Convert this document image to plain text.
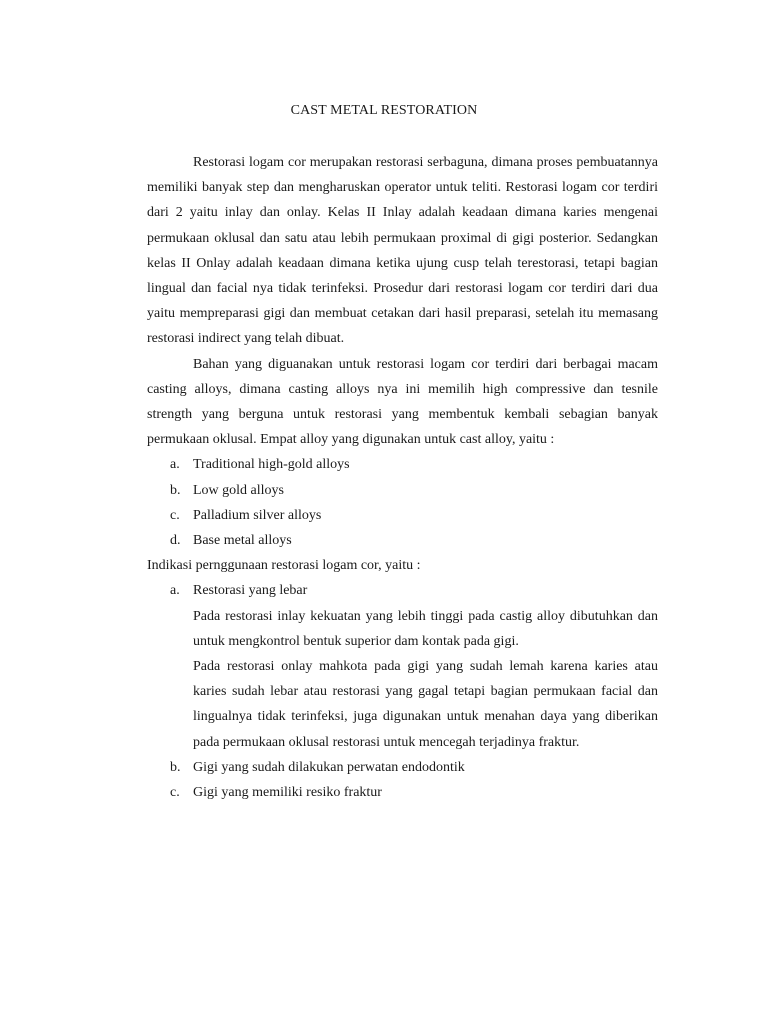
CAST METAL RESTORATION

Restorasi logam cor merupakan restorasi serbaguna, dimana proses pembuatannya memiliki banyak step dan mengharuskan operator untuk teliti. Restorasi logam cor terdiri dari 2 yaitu inlay dan onlay. Kelas II Inlay adalah keadaan dimana karies mengenai permukaan oklusal dan satu atau lebih permukaan proximal di gigi posterior. Sedangkan kelas II Onlay adalah keadaan dimana ketika ujung cusp telah terestorasi, tetapi bagian lingual dan facial nya tidak terinfeksi. Prosedur dari restorasi logam cor terdiri dari dua yaitu mempreparasi gigi dan membuat cetakan dari hasil preparasi, setelah itu memasang restorasi indirect yang telah dibuat.

Bahan yang diguanakan untuk restorasi logam cor terdiri dari berbagai macam casting alloys, dimana casting alloys nya ini memilih high compressive dan tesnile strength yang berguna untuk restorasi yang membentuk kembali sebagian banyak permukaan oklusal. Empat alloy yang digunakan untuk cast alloy, yaitu :

a. Traditional high-gold alloys
b. Low gold alloys
c. Palladium silver alloys
d. Base metal alloys

Indikasi pernggunaan restorasi logam cor, yaitu :

a. Restorasi yang lebar

Pada restorasi inlay kekuatan yang lebih tinggi pada castig alloy dibutuhkan dan untuk mengkontrol bentuk superior dam kontak pada gigi.

Pada restorasi onlay mahkota pada gigi yang sudah lemah karena karies atau karies sudah lebar atau restorasi yang gagal tetapi bagian permukaan facial dan lingualnya tidak terinfeksi, juga digunakan untuk menahan daya yang diberikan pada permukaan oklusal restorasi untuk mencegah terjadinya fraktur.

b. Gigi yang sudah dilakukan perwatan endodontik
c. Gigi yang memiliki resiko fraktur
